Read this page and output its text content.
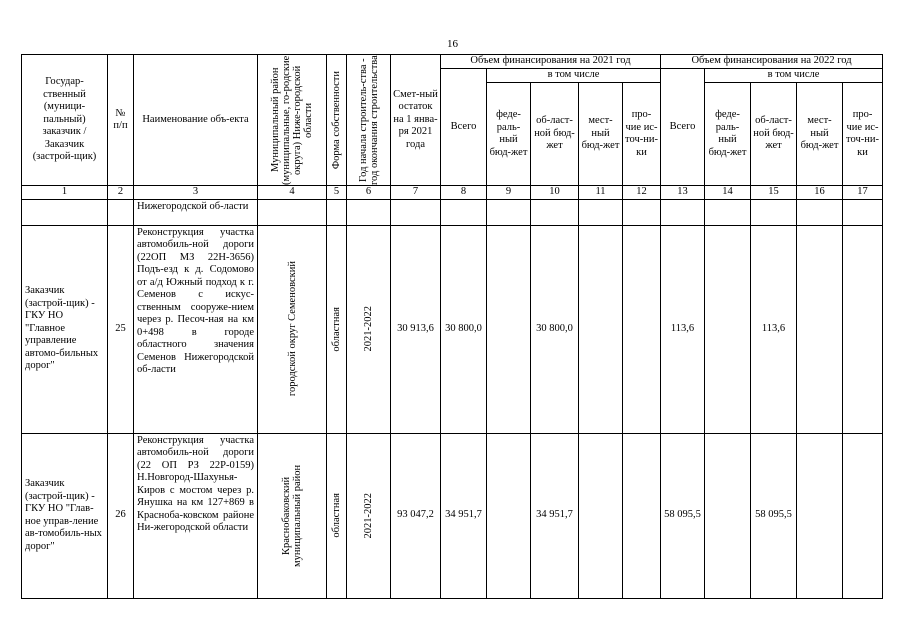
16
Государ-ственный (муници-пальный) заказчик / Заказчик (застрой-щик)	№ п/п	Наименование объ-екта	Муниципальный район (муниципальные, го-родские округа) Ниже-городской области	Форма собственности	Год начала строитель-ства - год окончания строительства	Смет-ный остаток на 1 янва-ря 2021 года	Объем финансирования на 2021 год					Объем финансирования на 2022 год				
							Всего	в том числе				Всего	в том числе			
								феде-раль-ный бюд-жет	об-ласт-ной бюд-жет	мест-ный бюд-жет	про-чие ис-точ-ни-ки		феде-раль-ный бюд-жет	об-ласт-ной бюд-жет	мест-ный бюд-жет	про-чие ис-точ-ни-ки
1	2	3	4	5	6	7	8	9	10	11	12	13	14	15	16	17
		Нижегородской об-ласти														
Заказчик (застрой-щик) - ГКУ НО "Главное управление автомо-бильных дорог"	25	Реконструкция участка автомобиль-ной дороги (22ОП МЗ 22Н-3656) Подъ-езд к д. Содомово от а/д Южный подход к г. Семенов с искус-ственным сооруже-нием через р. Песоч-ная на км 0+498 в городе областного значения Семенов Нижегородской об-ласти	городской округ Семеновский	областная	2021-2022	30 913,6	30 800,0		30 800,0			113,6		113,6		
Заказчик (застрой-щик) - ГКУ НО "Глав-ное управ-ление ав-томобиль-ных дорог"	26	Реконструкция участка автомобиль-ной дороги (22 ОП РЗ 22Р-0159) Н.Новгород-Шахунья-Киров с мостом через р. Янушка на км 127+869 в Краснoба-ковском районе Ни-жегородской области	Краснобаковский муниципальный район	областная	2021-2022	93 047,2	34 951,7		34 951,7			58 095,5		58 095,5		
